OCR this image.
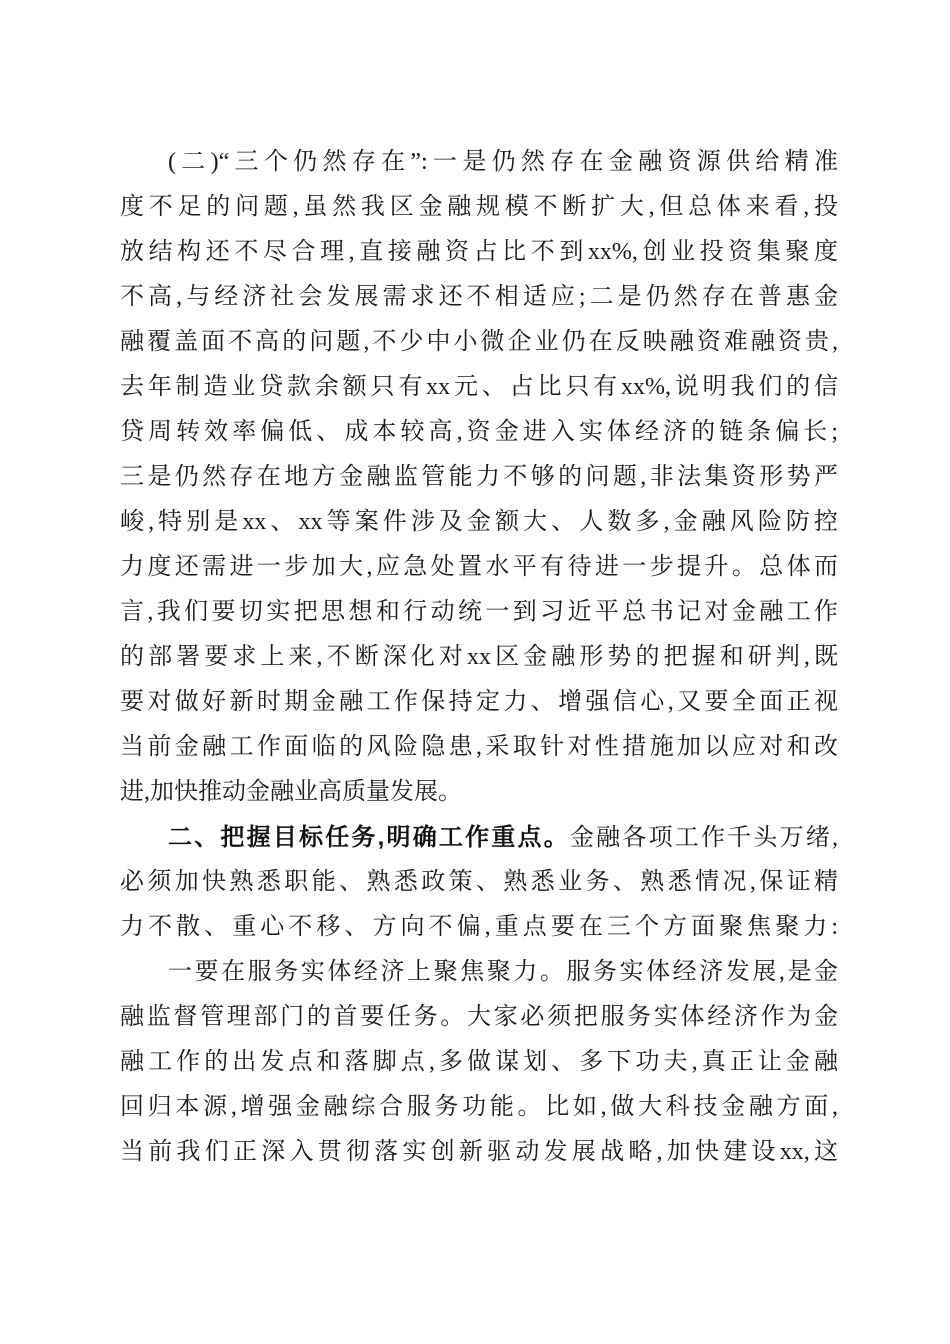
(二)“三个仍然存在”:一是仍然存在金融资源供给精准
度不足的问题,虽然我区金融规模不断扩大,但总体来看,投
放结构还不尽合理,直接融资占比不到xx%,创业投资集聚度
不高,与经济社会发展需求还不相适应;二是仍然存在普惠金
融覆盖面不高的问题,不少中小微企业仍在反映融资难融资贵,
去年制造业贷款余额只有xx元、占比只有xx%,说明我们的信
贷周转效率偏低、成本较高,资金进入实体经济的链条偏长;
三是仍然存在地方金融监管能力不够的问题,非法集资形势严
峻,特别是xx、xx等案件涉及金额大、人数多,金融风险防控
力度还需进一步加大,应急处置水平有待进一步提升。总体而
言,我们要切实把思想和行动统一到习近平总书记对金融工作
的部署要求上来,不断深化对xx区金融形势的把握和研判,既
要对做好新时期金融工作保持定力、增强信心,又要全面正视
当前金融工作面临的风险隐患,采取针对性措施加以应对和改
进,加快推动金融业高质量发展。
二、把握目标任务,明确工作重点。金融各项工作千头万绪,
必须加快熟悉职能、熟悉政策、熟悉业务、熟悉情况,保证精
力不散、重心不移、方向不偏,重点要在三个方面聚焦聚力:
一要在服务实体经济上聚焦聚力。服务实体经济发展,是金
融监督管理部门的首要任务。大家必须把服务实体经济作为金
融工作的出发点和落脚点,多做谋划、多下功夫,真正让金融
回归本源,增强金融综合服务功能。比如,做大科技金融方面,
当前我们正深入贯彻落实创新驱动发展战略,加快建设xx,这
